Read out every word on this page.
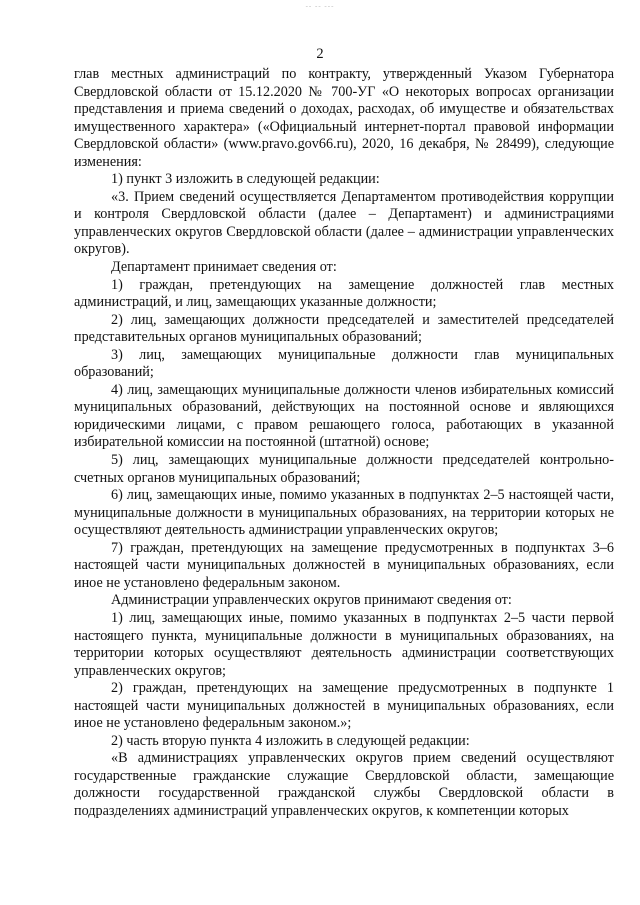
-- -- ---
2

глав местных администраций по контракту, утвержденный Указом Губернатора Свердловской области от 15.12.2020 № 700-УГ «О некоторых вопросах организации представления и приема сведений о доходах, расходах, об имуществе и обязательствах имущественного характера» («Официальный интернет-портал правовой информации Свердловской области» (www.pravo.gov66.ru), 2020, 16 декабря, № 28499), следующие изменения:

1) пункт 3 изложить в следующей редакции:

«3. Прием сведений осуществляется Департаментом противодействия коррупции и контроля Свердловской области (далее – Департамент) и администрациями управленческих округов Свердловской области (далее – администрации управленческих округов).

Департамент принимает сведения от:

1) граждан, претендующих на замещение должностей глав местных администраций, и лиц, замещающих указанные должности;

2) лиц, замещающих должности председателей и заместителей председателей представительных органов муниципальных образований;

3) лиц, замещающих муниципальные должности глав муниципальных образований;

4) лиц, замещающих муниципальные должности членов избирательных комиссий муниципальных образований, действующих на постоянной основе и являющихся юридическими лицами, с правом решающего голоса, работающих в указанной избирательной комиссии на постоянной (штатной) основе;

5) лиц, замещающих муниципальные должности председателей контрольно-счетных органов муниципальных образований;

6) лиц, замещающих иные, помимо указанных в подпунктах 2–5 настоящей части, муниципальные должности в муниципальных образованиях, на территории которых не осуществляют деятельность администрации управленческих округов;

7) граждан, претендующих на замещение предусмотренных в подпунктах 3–6 настоящей части муниципальных должностей в муниципальных образованиях, если иное не установлено федеральным законом.

Администрации управленческих округов принимают сведения от:

1) лиц, замещающих иные, помимо указанных в подпунктах 2–5 части первой настоящего пункта, муниципальные должности в муниципальных образованиях, на территории которых осуществляют деятельность администрации соответствующих управленческих округов;

2) граждан, претендующих на замещение предусмотренных в подпункте 1 настоящей части муниципальных должностей в муниципальных образованиях, если иное не установлено федеральным законом.»;

2) часть вторую пункта 4 изложить в следующей редакции:

«В администрациях управленческих округов прием сведений осуществляют государственные гражданские служащие Свердловской области, замещающие должности государственной гражданской службы Свердловской области в подразделениях администраций управленческих округов, к компетенции которых
